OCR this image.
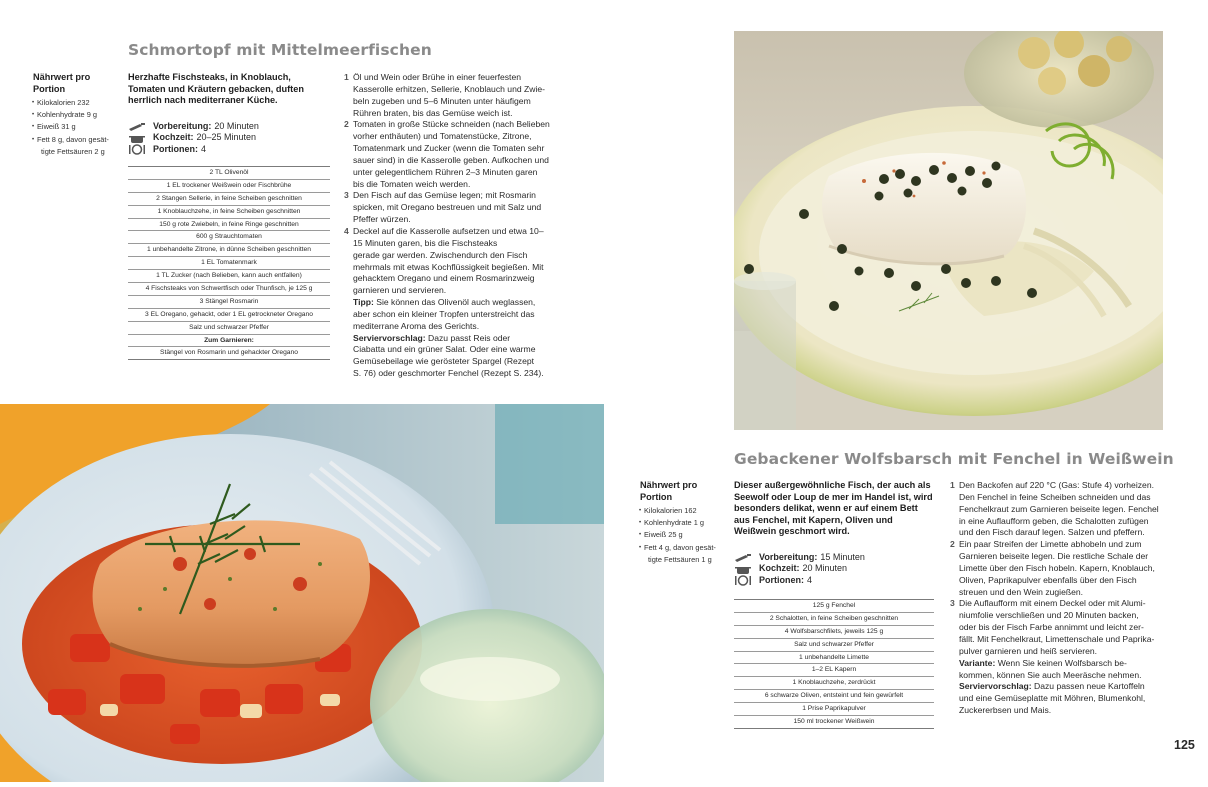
Schmortopf mit Mittelmeerfischen
Nährwert pro Portion
• Kilokalorien 232
• Kohlenhydrate 9 g
• Eiweiß 31 g
• Fett 8 g, davon gesät-
tigte Fettsäuren 2 g

Herzhafte Fischsteaks, in Knoblauch, Tomaten und Kräutern gebacken, duften herrlich nach mediterraner Küche.

Vorbereitung: 20 Minuten
Kochzeit: 20–25 Minuten
Portionen: 4
2 TL Olivenöl
1 EL trockener Weißwein oder Fischbrühe
2 Stangen Sellerie, in feine Scheiben geschnitten
1 Knoblauchzehe, in feine Scheiben geschnitten
150 g rote Zwiebeln, in feine Ringe geschnitten
600 g Strauchtomaten
1 unbehandelte Zitrone, in dünne Scheiben geschnitten
1 EL Tomatenmark
1 TL Zucker (nach Belieben, kann auch entfallen)
4 Fischsteaks von Schwertfisch oder Thunfisch, je 125 g
3 Stängel Rosmarin
3 EL Oregano, gehackt, oder 1 EL getrockneter Oregano
Salz und schwarzer Pfeffer
Zum Garnieren:
Stängel von Rosmarin und gehackter Oregano
1 Öl und Wein oder Brühe in einer feuerfesten
Kasserolle erhitzen, Sellerie, Knoblauch und Zwie-
beln zugeben und 5–6 Minuten unter häufigem
Rühren braten, bis das Gemüse weich ist.
2 Tomaten in große Stücke schneiden (nach Belieben
vorher enthäuten) und Tomatenstücke, Zitrone,
Tomatenmark und Zucker (wenn die Tomaten sehr
sauer sind) in die Kasserolle geben. Aufkochen und
unter gelegentlichem Rühren 2–3 Minuten garen
bis die Tomaten weich werden.
3 Den Fisch auf das Gemüse legen; mit Rosmarin
spicken, mit Oregano bestreuen und mit Salz und
Pfeffer würzen.
4 Deckel auf die Kasserolle aufsetzen und etwa 10–
15 Minuten garen, bis die Fischsteaks
gerade gar werden. Zwischendurch den Fisch
mehrmals mit etwas Kochflüssigkeit begießen. Mit
gehacktem Oregano und einem Rosmarinzweig
garnieren und servieren.
Tipp: Sie können das Olivenöl auch weglassen,
aber schon ein kleiner Tropfen unterstreicht das
mediterrane Aroma des Gerichts.
Serviervorschlag: Dazu passt Reis oder
Ciabatta und ein grüner Salat. Oder eine warme
Gemüsebeilage wie gerösteter Spargel (Rezept
S. 76) oder geschmorter Fenchel (Rezept S. 234).
Gebackener Wolfsbarsch mit Fenchel in Weißwein
Nährwert pro Portion
• Kilokalorien 162
• Kohlenhydrate 1 g
• Eiweiß 25 g
• Fett 4 g, davon gesät-
tigte Fettsäuren 1 g

Dieser außergewöhnliche Fisch, der auch als Seewolf oder Loup de mer im Handel ist, wird besonders delikat, wenn er auf einem Bett aus Fenchel, mit Kapern, Oliven und Weißwein geschmort wird.

Vorbereitung: 15 Minuten
Kochzeit: 20 Minuten
Portionen: 4
125 g Fenchel
2 Schalotten, in feine Scheiben geschnitten
4 Wolfsbarschfilets, jeweils 125 g
Salz und schwarzer Pfeffer
1 unbehandelte Limette
1–2 EL Kapern
1 Knoblauchzehe, zerdrückt
6 schwarze Oliven, entsteint und fein gewürfelt
1 Prise Paprikapulver
150 ml trockener Weißwein
1 Den Backofen auf 220 °C (Gas: Stufe 4) vorheizen.
Den Fenchel in feine Scheiben schneiden und das
Fenchelkraut zum Garnieren beiseite legen. Fenchel
in eine Auflaufform geben, die Schalotten zufügen
und den Fisch darauf legen. Salzen und pfeffern.
2 Ein paar Streifen der Limette abhobeln und zum
Garnieren beiseite legen. Die restliche Schale der
Limette über den Fisch hobeln. Kapern, Knoblauch,
Oliven, Paprikapulver ebenfalls über den Fisch
streuen und den Wein zugießen.
3 Die Auflaufform mit einem Deckel oder mit Alumi-
niumfolie verschließen und 20 Minuten backen,
oder bis der Fisch Farbe annimmt und leicht zer-
fällt. Mit Fenchelkraut, Limettenschale und Paprika-
pulver garnieren und heiß servieren.
Variante: Wenn Sie keinen Wolfsbarsch be-
kommen, können Sie auch Meeräsche nehmen.
Serviervorschlag: Dazu passen neue Kartoffeln
und eine Gemüseplatte mit Möhren, Blumenkohl,
Zuckererbsen und Mais.
125
